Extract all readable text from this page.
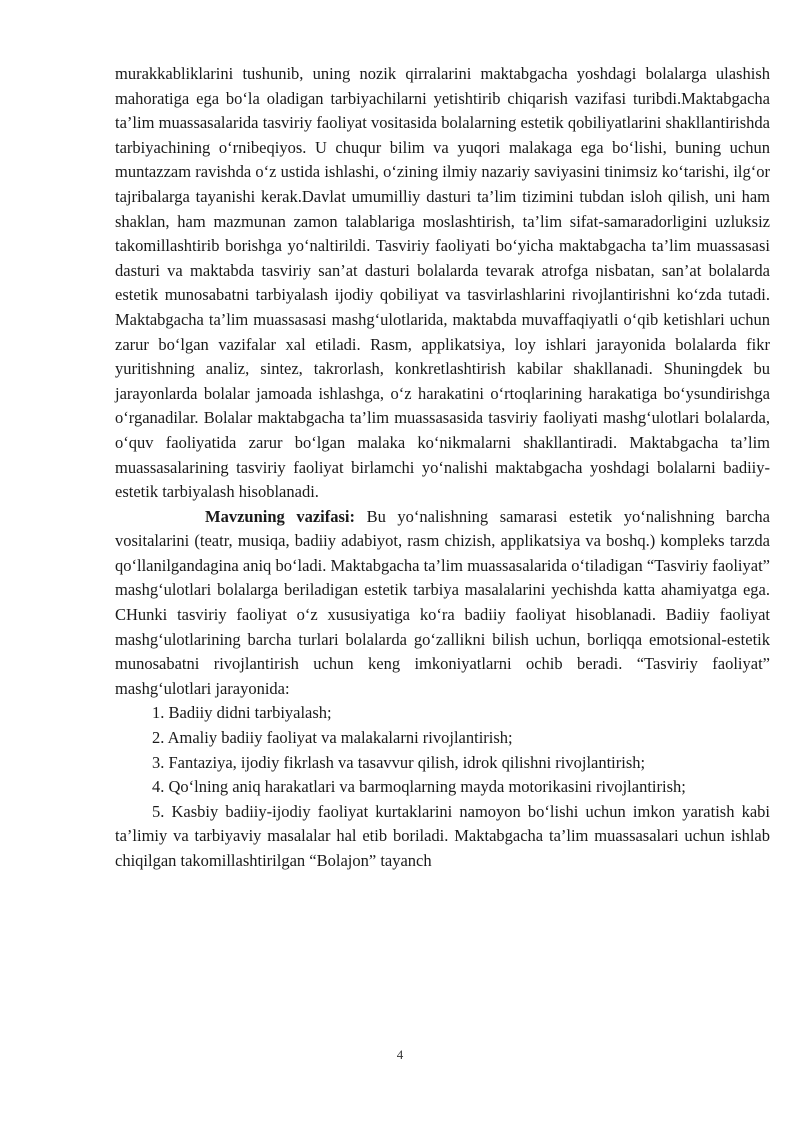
murakkabliklarini tushunib, uning nozik qirralarini maktabgacha yoshdagi bolalarga ulashish mahoratiga ega bo‘la oladigan tarbiyachilarni yetishtirib chiqarish vazifasi turibdi.Maktabgacha ta’lim muassasalarida tasviriy faoliyat vositasida bolalarning estetik qobiliyatlarini shakllantirishda tarbiyachining o‘rnibeqiyos. U chuqur bilim va yuqori malakaga ega bo‘lishi, buning uchun muntazzam ravishda o‘z ustida ishlashi, o‘zining ilmiy nazariy saviyasini tinimsiz ko‘tarishi, ilg‘or tajribalarga tayanishi kerak.Davlat umumilliy dasturi ta’lim tizimini tubdan isloh qilish, uni ham shaklan, ham mazmunan zamon talablariga moslashtirish, ta’lim sifat-samaradorligini uzluksiz takomillashtirib borishga yo‘naltirildi. Tasviriy faoliyati bo‘yicha maktabgacha ta’lim muassasasi dasturi va maktabda tasviriy san’at dasturi bolalarda tevarak atrofga nisbatan, san’at bolalarda estetik munosabatni tarbiyalash ijodiy qobiliyat va tasvirlashlarini rivojlantirishni ko‘zda tutadi. Maktabgacha ta’lim muassasasi mashg‘ulotlarida, maktabda muvaffaqiyatli o‘qib ketishlari uchun zarur bo‘lgan vazifalar xal etiladi. Rasm, applikatsiya, loy ishlari jarayonida bolalarda fikr yuritishning analiz, sintez, takrorlash, konkretlashtirish kabilar shakllanadi. Shuningdek bu jarayonlarda bolalar jamoada ishlashga, o‘z harakatini o‘rtoqlarining harakatiga bo‘ysundirishga o‘rganadilar. Bolalar maktabgacha ta’lim muassasasida tasviriy faoliyati mashg‘ulotlari bolalarda, o‘quv faoliyatida zarur bo‘lgan malaka ko‘nikmalarni shakllantiradi. Maktabgacha ta’lim muassasalarining tasviriy faoliyat birlamchi yo‘nalishi maktabgacha yoshdagi bolalarni badiiy-estetik tarbiyalash hisoblanadi.

Mavzuning vazifasi: Bu yo‘nalishning samarasi estetik yo‘nalishning barcha vositalarini (teatr, musiqa, badiiy adabiyot, rasm chizish, applikatsiya va boshq.) kompleks tarzda qo‘llanilgandagina aniq bo‘ladi. Maktabgacha ta’lim muassasalarida o‘tiladigan “Tasviriy faoliyat” mashg‘ulotlari bolalarga beriladigan estetik tarbiya masalalarini yechishda katta ahamiyatga ega. CHunki tasviriy faoliyat o‘z xususiyatiga ko‘ra badiiy faoliyat hisoblanadi. Badiiy faoliyat mashg‘ulotlarining barcha turlari bolalarda go‘zallikni bilish uchun, borliqqa emotsional-estetik munosabatni rivojlantirish uchun keng imkoniyatlarni ochib beradi. “Tasviriy faoliyat” mashg‘ulotlari jarayonida:

1. Badiiy didni tarbiyalash;

2. Amaliy badiiy faoliyat va malakalarni rivojlantirish;

3. Fantaziya, ijodiy fikrlash va tasavvur qilish, idrok qilishni rivojlantirish;

4. Qo‘lning aniq harakatlari va barmoqlarning mayda motorikasini rivojlantirish;

5. Kasbiy badiiy-ijodiy faoliyat kurtaklarini namoyon bo‘lishi uchun imkon yaratish kabi ta’limiy va tarbiyaviy masalalar hal etib boriladi. Maktabgacha ta’lim muassasalari uchun ishlab chiqilgan takomillashtirilgan “Bolajon” tayanch

4
